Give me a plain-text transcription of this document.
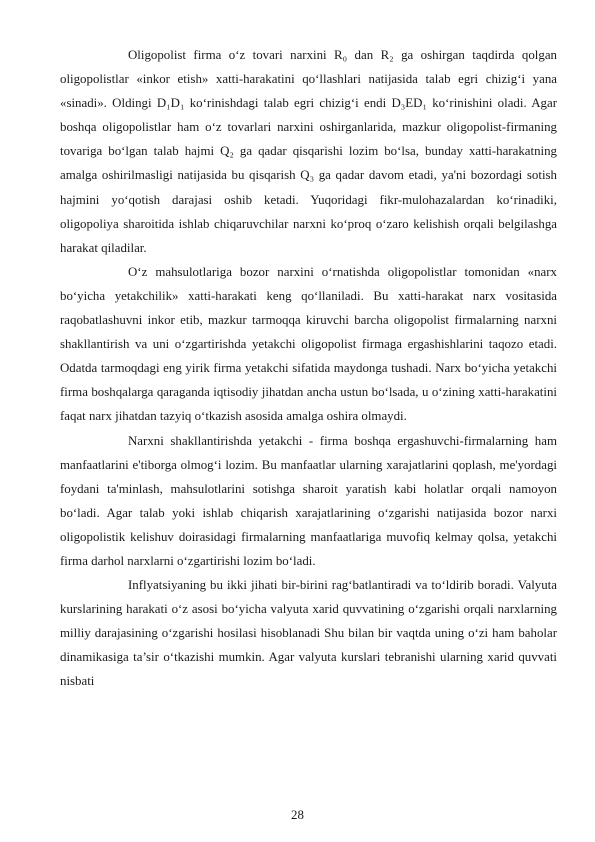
Oligopolist firma o‘z tovari narxini R₀ dan R₂ ga oshirgan taqdirda qolgan oligopolistlar «inkor etish» xatti-harakatini qo‘llashlari natijasida talab egri chizig‘i yana «sinadi». Oldingi D₁D₁ ko‘rinishdagi talab egri chizig‘i endi D₃ED₁ ko‘rinishini oladi. Agar boshqa oligopolistlar ham o‘z tovarlari narxini oshirganlarida, mazkur oligopolist-firmaning tovariga bo‘lgan talab hajmi Q₂ ga qadar qisqarishi lozim bo‘lsa, bunday xatti-harakatning amalga oshirilmasligi natijasida bu qisqarish Q₃ ga qadar davom etadi, ya'ni bozordagi sotish hajmini yo‘qotish darajasi oshib ketadi. Yuqoridagi fikr-mulohazalardan ko‘rinadiki, oligopoliya sharoitida ishlab chiqaruvchilar narxni ko‘proq o‘zaro kelishish orqali belgilashga harakat qiladilar.

O‘z mahsulotlariga bozor narxini o‘rnatishda oligopolistlar tomonidan «narx bo‘yicha yetakchilik» xatti-harakati keng qo‘llaniladi. Bu xatti-harakat narx vositasida raqobatlashuvni inkor etib, mazkur tarmoqqa kiruvchi barcha oligopolist firmalarning narxni shakllantirish va uni o‘zgartirishda yetakchi oligopolist firmaga ergashishlarini taqozo etadi. Odatda tarmoqdagi eng yirik firma yetakchi sifatida maydonga tushadi. Narx bo‘yicha yetakchi firma boshqalarga qaraganda iqtisodiy jihatdan ancha ustun bo‘lsada, u o‘zining xatti-harakatini faqat narx jihatdan tazyiq o‘tkazish asosida amalga oshira olmaydi.

Narxni shakllantirishda yetakchi - firma boshqa ergashuvchi-firmalarning ham manfaatlarini e'tiborga olmog‘i lozim. Bu manfaatlar ularning xarajatlarini qoplash, me'yordagi foydani ta'minlash, mahsulotlarini sotishga sharoit yaratish kabi holatlar orqali namoyon bo‘ladi. Agar talab yoki ishlab chiqarish xarajatlarining o‘zgarishi natijasida bozor narxi oligopolistik kelishuv doirasidagi firmalarning manfaatlariga muvofiq kelmay qolsa, yetakchi firma darhol narxlarni o‘zgartirishi lozim bo‘ladi.

Inflyatsiyaning bu ikki jihati bir-birini rag‘batlantiradi va to‘ldirib boradi. Valyuta kurslarining harakati o‘z asosi bo‘yicha valyuta xarid quvvatining o‘zgarishi orqali narxlarning milliy darajasining o‘zgarishi hosilasi hisoblanadi Shu bilan bir vaqtda uning o‘zi ham baholar dinamikasiga ta’sir o‘tkazishi mumkin. Agar valyuta kurslari tebranishi ularning xarid quvvati nisbati

28
